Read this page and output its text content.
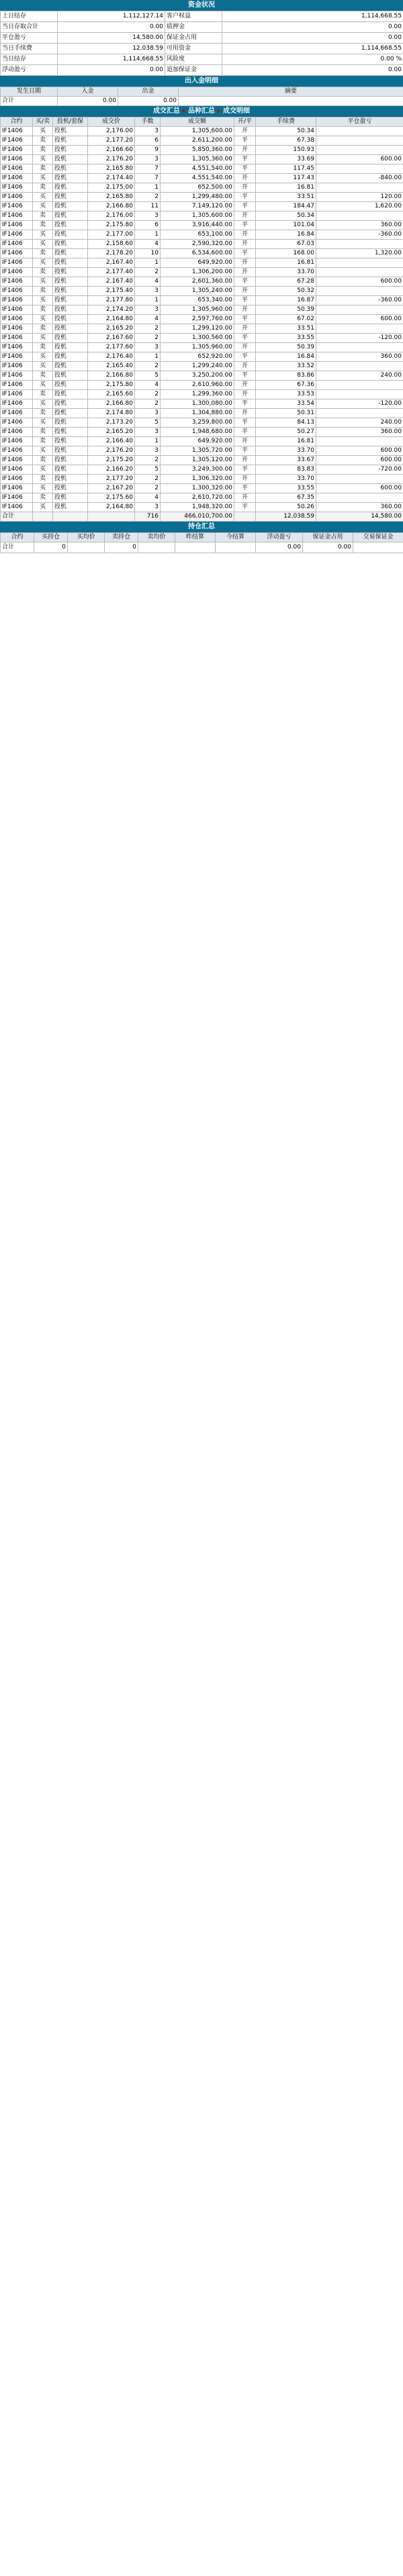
资金状况
上日结存	1,112,127.14	客户权益	1,114,668.55
当日存取合计	0.00	质押金	0.00
平仓盈亏	14,580.00	保证金占用	0.00
当日手续费	12,038.59	可用资金	1,114,668.55
当日结存	1,114,668.55	风险度	0.00 %
浮动盈亏	0.00	追加保证金	0.00
出入金明细
发生日期	入金	出金	摘要
合计	0.00	0.00	
成交汇总 ▸ 品种汇总 ▸ 成交明细
合约	买/卖	投机/套保	成交价	手数	成交额	开/平	手续费	平仓盈亏
IF1406	买	投机	2,176.00	3	1,305,600.00	开	50.34	
IF1406	卖	投机	2,177.20	6	2,611,200.00	平	67.38	
IF1406	卖	投机	2,166.60	9	5,850,360.00	开	150.93	
IF1406	买	投机	2,176.20	3	1,305,360.00	平	33.69	600.00
IF1406	卖	投机	2,165.80	7	4,551,540.00	平	117.45	
IF1406	买	投机	2,174.40	7	4,551,540.00	开	117.43	-840.00
IF1406	卖	投机	2,175.00	1	652,500.00	开	16.81	
IF1406	买	投机	2,165.80	2	1,299,480.00	平	33.51	120.00
IF1406	买	投机	2,166.80	11	7,149,120.00	平	184.47	1,620.00
IF1406	卖	投机	2,176.00	3	1,305,600.00	开	50.34	
IF1406	卖	投机	2,175.80	6	3,916,440.00	平	101.04	360.00
IF1406	买	投机	2,177.00	1	653,100.00	开	16.84	-360.00
IF1406	买	投机	2,158.60	4	2,590,320.00	开	67.03	
IF1406	卖	投机	2,178.20	10	6,534,600.00	平	168.00	1,320.00
IF1406	买	投机	2,167.40	1	649,920.00	开	16.81	
IF1406	卖	投机	2,177.40	2	1,306,200.00	开	33.70	
IF1406	买	投机	2,167.40	4	2,601,360.00	平	67.28	600.00
IF1406	卖	投机	2,175.40	3	1,305,240.00	开	50.32	
IF1406	买	投机	2,177.80	1	653,340.00	平	16.87	-360.00
IF1406	卖	投机	2,174.20	3	1,305,960.00	开	50.39	
IF1406	买	投机	2,164.80	4	2,597,760.00	平	67.02	600.00
IF1406	卖	投机	2,165.20	2	1,299,120.00	开	33.51	
IF1406	买	投机	2,167.60	2	1,300,560.00	平	33.55	-120.00
IF1406	卖	投机	2,177.60	3	1,305,960.00	开	50.39	
IF1406	买	投机	2,176.40	1	652,920.00	平	16.84	360.00
IF1406	买	投机	2,165.40	2	1,299,240.00	开	33.52	
IF1406	卖	投机	2,166.80	5	3,250,200.00	平	83.86	240.00
IF1406	买	投机	2,175.80	4	2,610,960.00	开	67.36	
IF1406	卖	投机	2,165.60	2	1,299,360.00	开	33.53	
IF1406	买	投机	2,166.80	2	1,300,080.00	平	33.54	-120.00
IF1406	卖	投机	2,174.80	3	1,304,880.00	开	50.31	
IF1406	买	投机	2,173.20	5	3,259,800.00	平	84.13	240.00
IF1406	卖	投机	2,165.20	3	1,948,680.00	平	50.27	360.00
IF1406	卖	投机	2,166.40	1	649,920.00	开	16.81	
IF1406	买	投机	2,176.20	3	1,305,720.00	平	33.70	600.00
IF1406	卖	投机	2,175.20	2	1,305,120.00	开	33.67	600.00
IF1406	买	投机	2,166.20	5	3,249,300.00	平	83.83	-720.00
IF1406	卖	投机	2,177.20	2	1,306,320.00	开	33.70	
IF1406	买	投机	2,167.20	2	1,300,320.00	平	33.55	600.00
IF1406	卖	投机	2,175.60	4	2,610,720.00	开	67.35	
IF1406	买	投机	2,164.80	3	1,948,320.00	平	50.26	360.00
合计				716	466,010,700.00		12,038.59	14,580.00
持仓汇总
合约	买持仓	买均价	卖持仓	卖均价	昨结算	今结算	浮动盈亏	保证金占用	交易保证金
合计	0		0				0.00	0.00	
